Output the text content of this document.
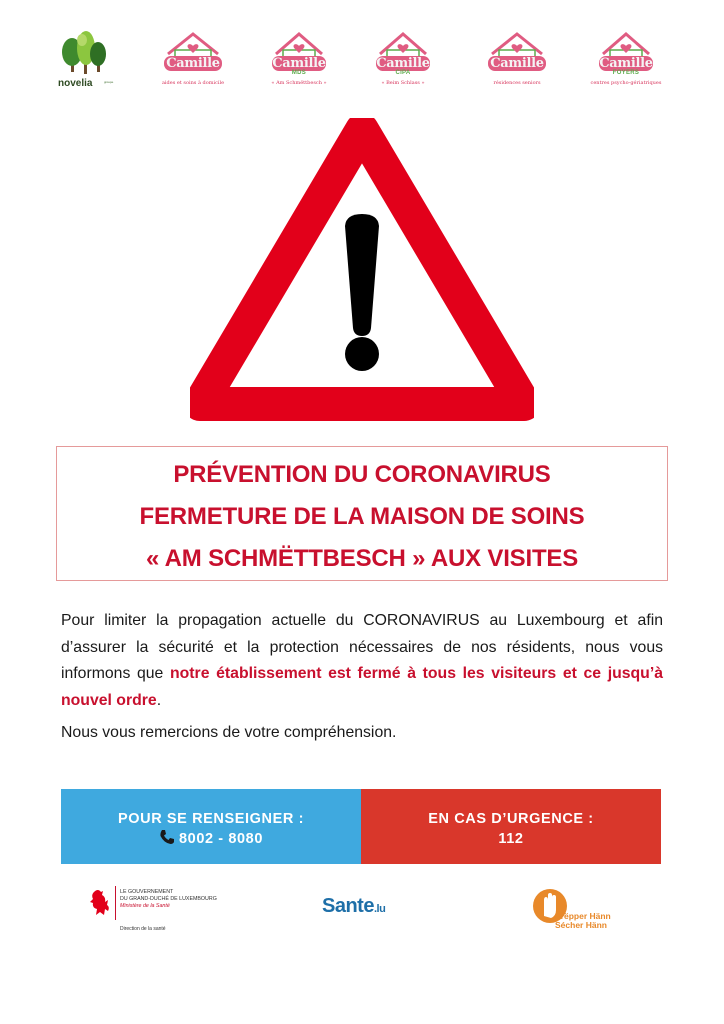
novelia	groupe
Camille
aides et soins à domicile
Camille
MDS
« Am Schmëttbesch »
Camille
CIPA
« Beim Schlass »
Camille
résidences seniors
Camille
FOYERS
centres psycho-gériatriques
PRÉVENTION DU CORONAVIRUS
FERMETURE DE LA MAISON DE SOINS
« AM SCHMËTTBESCH » AUX VISITES

Pour limiter la propagation actuelle du CORONAVIRUS au Luxembourg et afin d’assurer la sécurité et la protection nécessaires de nos résidents, nous vous informons que notre établissement est fermé à tous les visiteurs et ce jusqu’à nouvel ordre.

Nous vous remercions de votre compréhension.

POUR SE RENSEIGNER :
8002 - 8080
EN CAS D’URGENCE :
112
LE GOUVERNEMENT
DU GRAND-DUCHÉ DE LUXEMBOURG
Ministère de la Santé
Direction de la santé
Sante.lu
Prëpper Hänn
Sécher Hänn
